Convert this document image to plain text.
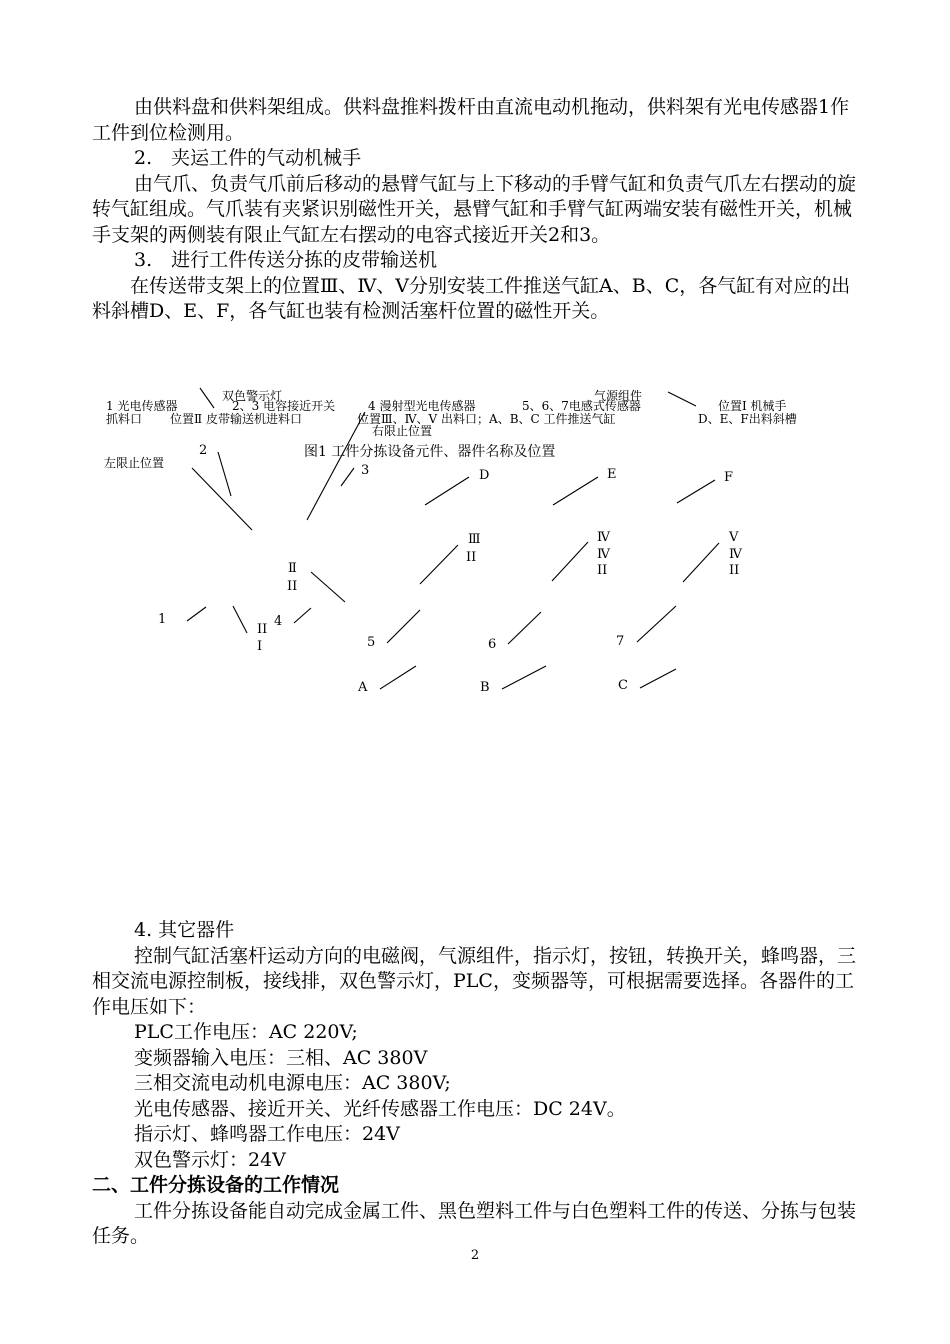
由供料盘和供料架组成。供料盘推料拨杆由直流电动机拖动，供料架有光电传感器1作工件到位检测用。

2.　夹运工件的气动机械手

由气爪、负责气爪前后移动的悬臂气缸与上下移动的手臂气缸和负责气爪左右摆动的旋转气缸组成。气爪装有夹紧识别磁性开关，悬臂气缸和手臂气缸两端安装有磁性开关，机械手支架的两侧装有限止气缸左右摆动的电容式接近开关2和3。

3.　进行工件传送分拣的皮带输送机

在传送带支架上的位置Ⅲ、Ⅳ、Ⅴ分别安装工件推送气缸A、B、C，各气缸有对应的出料斜槽D、E、F，各气缸也装有检测活塞杆位置的磁性开关。

1 光电传感器
双色警示灯
2、3 电容接近开关	4 漫射型光电传感器
气源组件
5、6、7电感式传感器	位置Ⅰ 机械手
抓料口 位置Ⅱ 皮带输送机进料口	位置Ⅲ、Ⅳ、Ⅴ 出料口；A、B、C 工件推送气缸	D、E、F出料斜槽
右限止位置
左限止位置
图1 工件分拣设备元件、器件名称及位置
2
3	D	E	F
Ⅲ
II
Ⅳ
Ⅳ
II
V
Ⅳ
II
Ⅱ
II
1	4
II
I	5	6	7
A	B	C

4. 其它器件

控制气缸活塞杆运动方向的电磁阀，气源组件，指示灯，按钮，转换开关，蜂鸣器，三相交流电源控制板，接线排，双色警示灯，PLC，变频器等，可根据需要选择。各器件的工作电压如下：

PLC工作电压：AC 220V;

变频器输入电压：三相、AC 380V

三相交流电动机电源电压：AC 380V;

光电传感器、接近开关、光纤传感器工作电压：DC 24V。

指示灯、蜂鸣器工作电压：24V

双色警示灯：24V

二、工件分拣设备的工作情况

工件分拣设备能自动完成金属工件、黑色塑料工件与白色塑料工件的传送、分拣与包装任务。

2
